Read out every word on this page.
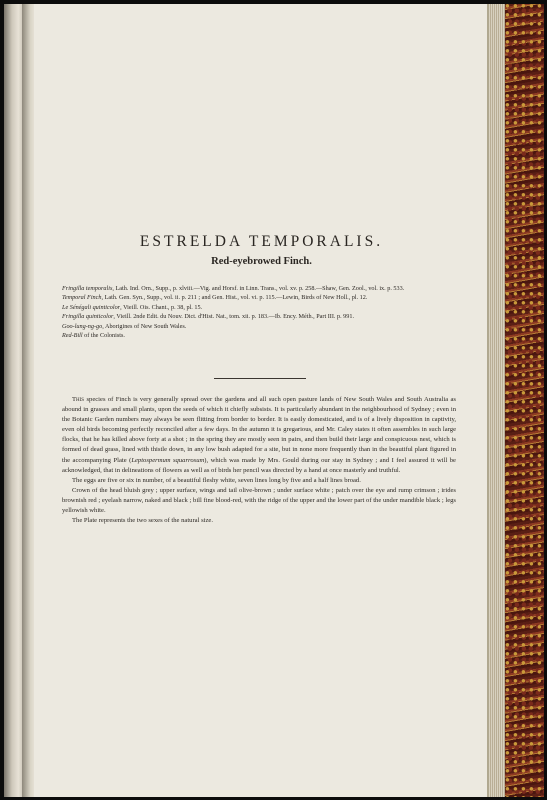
ESTRELDA TEMPORALIS.
Red-eyebrowed Finch.

Fringilla temporalis, Lath. Ind. Orn., Supp., p. xlviii.—Vig. and Horsf. in Linn. Trans., vol. xv. p. 258.—Shaw, Gen. Zool., vol. ix. p. 533.

Temporal Finch, Lath. Gen. Syn., Supp., vol. ii. p. 211 ; and Gen. Hist., vol. vi. p. 115.—Lewin, Birds of New Holl., pl. 12.

Le Sénégali quinticolor, Vieill. Ois. Chant., p. 38, pl. 15.

Fringilla quinticolor, Vieill. 2nde Edit. du Nouv. Dict. d'Hist. Nat., tom. xii. p. 183.—Ib. Ency. Méth., Part III. p. 991.

Goo-lung-ng-go, Aborigines of New South Wales.

Red-Bill of the Colonists.

This species of Finch is very generally spread over the gardens and all such open pasture lands of New South Wales and South Australia as abound in grasses and small plants, upon the seeds of which it chiefly subsists. It is particularly abundant in the neighbourhood of Sydney ; even in the Botanic Garden numbers may always be seen flitting from border to border. It is easily domesticated, and is of a lively disposition in captivity, even old birds becoming perfectly reconciled after a few days. In the autumn it is gregarious, and Mr. Caley states it often assembles in such large flocks, that he has killed above forty at a shot ; in the spring they are mostly seen in pairs, and then build their large and conspicuous nest, which is formed of dead grass, lined with thistle down, in any low bush adapted for a site, but in none more frequently than in the beautiful plant figured in the accompanying Plate (Leptospermum squarrosum), which was made by Mrs. Gould during our stay in Sydney ; and I feel assured it will be acknowledged, that in delineations of flowers as well as of birds her pencil was directed by a hand at once masterly and truthful.

The eggs are five or six in number, of a beautiful fleshy white, seven lines long by five and a half lines broad.

Crown of the head bluish grey ; upper surface, wings and tail olive-brown ; under surface white ; patch over the eye and rump crimson ; irides brownish red ; eyelash narrow, naked and black ; bill fine blood-red, with the ridge of the upper and the lower part of the under mandible black ; legs yellowish white.

The Plate represents the two sexes of the natural size.
